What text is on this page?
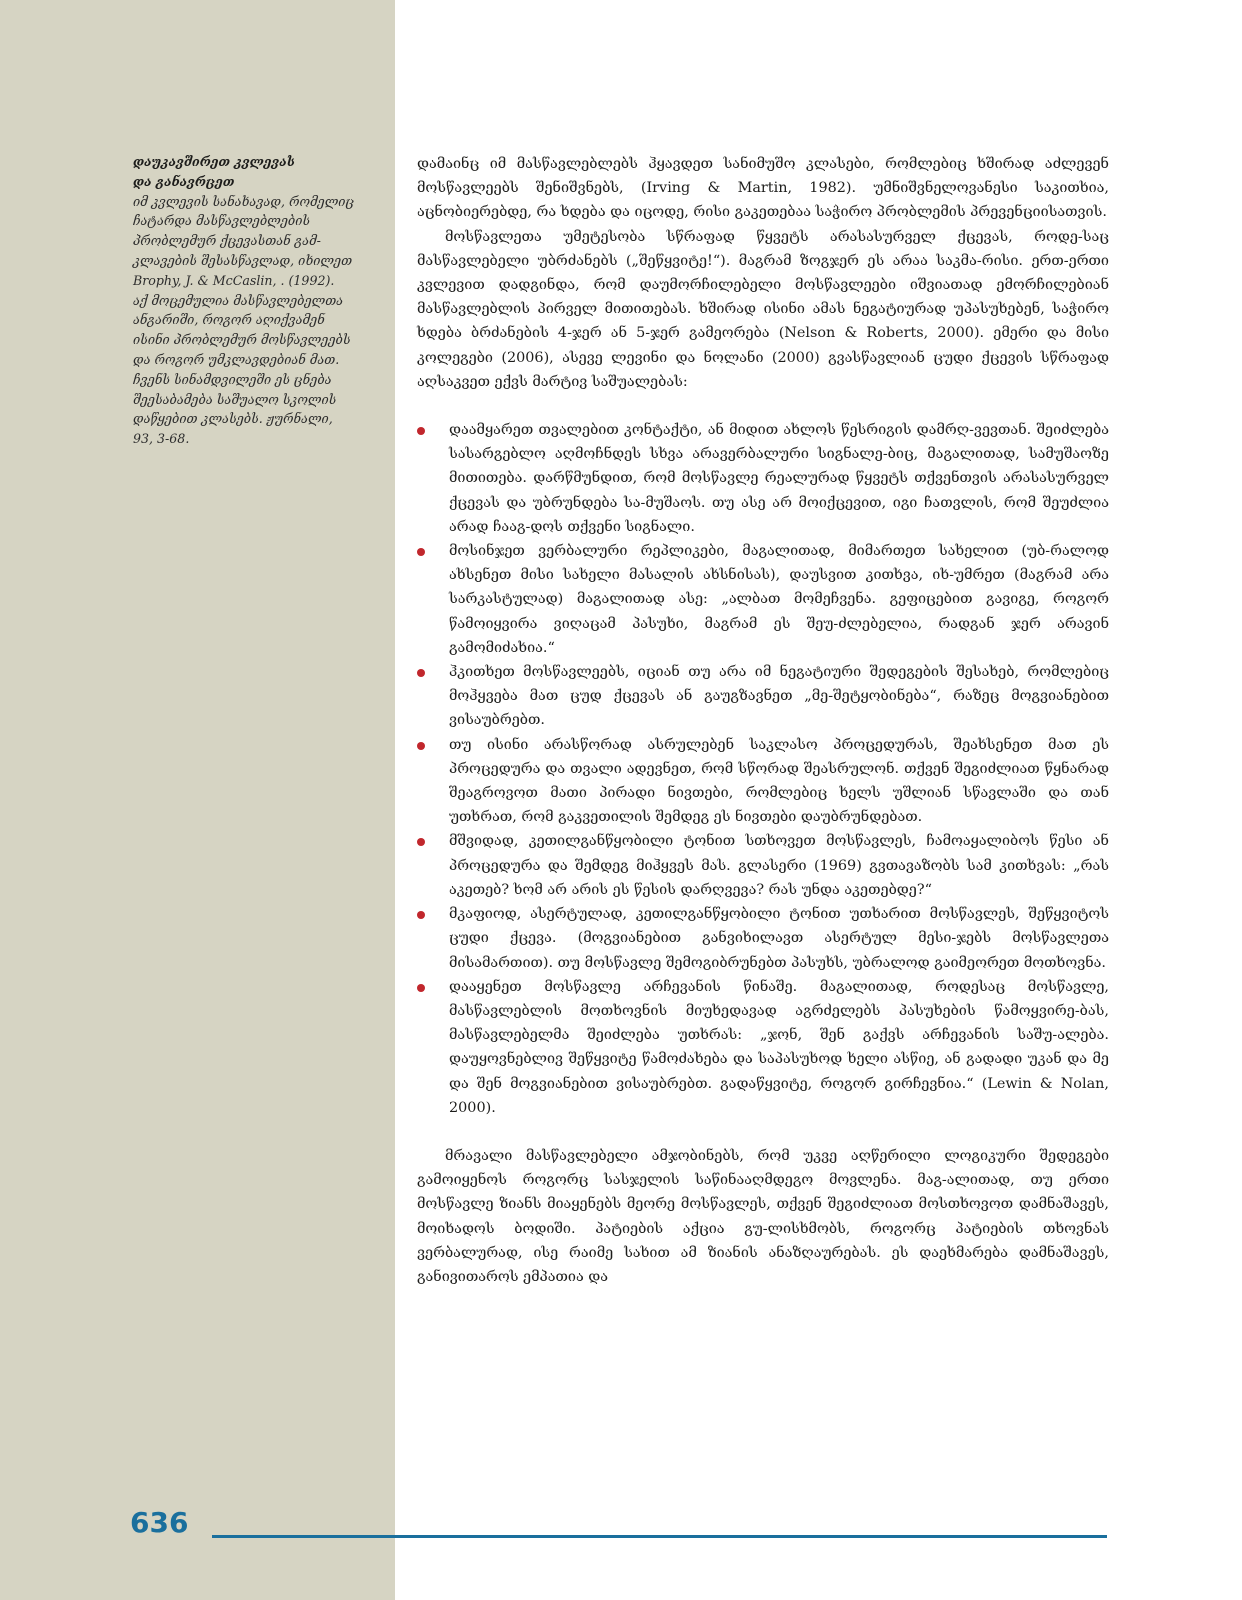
დაუკავშირეთ კვლევას
და განავრცეთ
იმ კვლევის სანახავად, რომელიც
ჩატარდა მასწავლებლების
პრობლემურ ქცევასთან გამ-
კლავების შესასწავლად, იხილეთ
Brophy, J. & McCaslin, . (1992).
აქ მოცემულია მასწავლებელთა
ანგარიში, როგორ აღიქვამენ
ისინი პრობლემურ მოსწავლეებს
და როგორ უმკლავდებიან მათ.
ჩვენს სინამდვილეში ეს ცნება
შეესაბამება საშუალო სკოლის
დაწყებით კლასებს. ჟურნალი,
93, 3-68.

დამაინც იმ მასწავლებლებს ჰყავდეთ სანიმუშო კლასები, რომლებიც ხშირად აძლევენ მოსწავლეებს შენიშვნებს, (Irving & Martin, 1982). უმნიშვნელოვანესი საკითხია, აცნობიერებდე, რა ხდება და იცოდე, რისი გაკეთებაა საჭირო პრობლემის პრევენციისათვის.

მოსწავლეთა უმეტესობა სწრაფად წყვეტს არასასურველ ქცევას, როდე-საც მასწავლებელი უბრძანებს („შეწყვიტე!“). მაგრამ ზოგჯერ ეს არაა საკმა-რისი. ერთ-ერთი კვლევით დადგინდა, რომ დაუმორჩილებელი მოსწავლეები იშვიათად ემორჩილებიან მასწავლებლის პირველ მითითებას. ხშირად ისინი ამას ნეგატიურად უპასუხებენ, საჭირო ხდება ბრძანების 4-ჯერ ან 5-ჯერ გამეორება (Nelson & Roberts, 2000). ემერი და მისი კოლეგები (2006), ასევე ლევინი და ნოლანი (2000) გვასწავლიან ცუდი ქცევის სწრაფად აღსაკვეთ ექვს მარტივ საშუალებას:

დაამყარეთ თვალებით კონტაქტი, ან მიდით ახლოს წესრიგის დამრღ-ვევთან. შეიძლება სასარგებლო აღმოჩნდეს სხვა არავერბალური სიგნალე-ბიც, მაგალითად, სამუშაოზე მითითება. დარწმუნდით, რომ მოსწავლე რეალურად წყვეტს თქვენთვის არასასურველ ქცევას და უბრუნდება სა-მუშაოს. თუ ასე არ მოიქცევით, იგი ჩათვლის, რომ შეუძლია არად ჩააგ-დოს თქვენი სიგნალი.
მოსინჯეთ ვერბალური რეპლიკები, მაგალითად, მიმართეთ სახელით (უბ-რალოდ ახსენეთ მისი სახელი მასალის ახსნისას), დაუსვით კითხვა, იხ-უმრეთ (მაგრამ არა სარკასტულად) მაგალითად ასე: „ალბათ მომეჩვენა. გეფიცებით გავიგე, როგორ წამოიყვირა ვიღაცამ პასუხი, მაგრამ ეს შეუ-ძლებელია, რადგან ჯერ არავინ გამომიძახია.“
ჰკითხეთ მოსწავლეებს, იციან თუ არა იმ ნეგატიური შედეგების შესახებ, რომლებიც მოჰყვება მათ ცუდ ქცევას ან გაუგზავნეთ „მე-შეტყობინება“, რაზეც მოგვიანებით ვისაუბრებთ.
თუ ისინი არასწორად ასრულებენ საკლასო პროცედურას, შეახსენეთ მათ ეს პროცედურა და თვალი ადევნეთ, რომ სწორად შეასრულონ. თქვენ შეგიძლიათ წყნარად შეაგროვოთ მათი პირადი ნივთები, რომლებიც ხელს უშლიან სწავლაში და თან უთხრათ, რომ გაკვეთილის შემდეგ ეს ნივთები დაუბრუნდებათ.
მშვიდად, კეთილგანწყობილი ტონით სთხოვეთ მოსწავლეს, ჩამოაყალიბოს წესი ან პროცედურა და შემდეგ მიჰყვეს მას. გლასერი (1969) გვთავაზობს სამ კითხვას: „რას აკეთებ? ხომ არ არის ეს წესის დარღვევა? რას უნდა აკეთებდე?“
მკაფიოდ, ასერტულად, კეთილგანწყობილი ტონით უთხარით მოსწავლეს, შეწყვიტოს ცუდი ქცევა. (მოგვიანებით განვიხილავთ ასერტულ მესი-ჯებს მოსწავლეთა მისამართით). თუ მოსწავლე შემოგიბრუნებთ პასუხს, უბრალოდ გაიმეორეთ მოთხოვნა.
დააყენეთ მოსწავლე არჩევანის წინაშე. მაგალითად, როდესაც მოსწავლე, მასწავლებლის მოთხოვნის მიუხედავად აგრძელებს პასუხების წამოყვირე-ბას, მასწავლებელმა შეიძლება უთხრას: „ჯონ, შენ გაქვს არჩევანის საშუ-ალება. დაუყოვნებლივ შეწყვიტე წამოძახება და საპასუხოდ ხელი ასწიე, ან გადადი უკან და მე და შენ მოგვიანებით ვისაუბრებთ. გადაწყვიტე, როგორ გირჩევნია.“ (Lewin & Nolan, 2000).

მრავალი მასწავლებელი ამჯობინებს, რომ უკვე აღწერილი ლოგიკური შედეგები გამოიყენოს როგორც სასჯელის საწინააღმდეგო მოვლენა. მაგ-ალითად, თუ ერთი მოსწავლე ზიანს მიაყენებს მეორე მოსწავლეს, თქვენ შეგიძლიათ მოსთხოვოთ დამნაშავეს, მოიხადოს ბოდიში. პატიების აქცია გუ-ლისხმობს, როგორც პატიების თხოვნას ვერბალურად, ისე რაიმე სახით ამ ზიანის ანაზღაურებას. ეს დაეხმარება დამნაშავეს, განივითაროს ემპათია და

636
